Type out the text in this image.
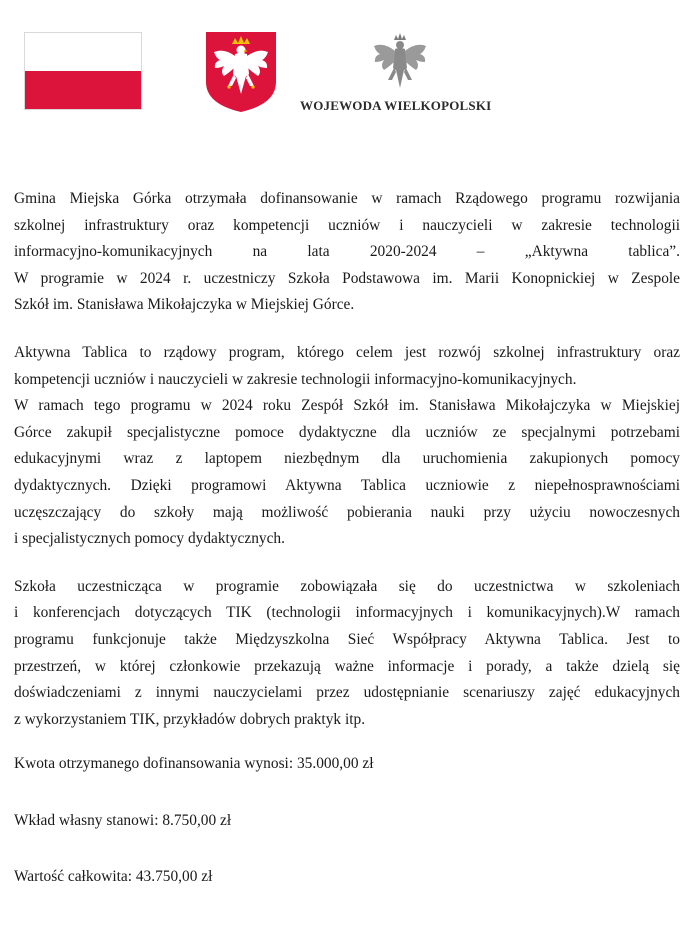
WOJEWODA WIELKOPOLSKI
Gmina Miejska Górka otrzymała dofinansowanie w ramach Rządowego programu rozwijania
szkolnej infrastruktury oraz kompetencji uczniów i nauczycieli w zakresie technologii
informacyjno-komunikacyjnych na lata 2020-2024 – „Aktywna tablica”.
W programie w 2024 r. uczestniczy Szkoła Podstawowa im. Marii Konopnickiej w Zespole
Szkół im. Stanisława Mikołajczyka w Miejskiej Górce.
Aktywna Tablica to rządowy program, którego celem jest rozwój szkolnej infrastruktury oraz
kompetencji uczniów i nauczycieli w zakresie technologii informacyjno-komunikacyjnych.
W ramach tego programu w 2024 roku Zespół Szkół im. Stanisława Mikołajczyka w Miejskiej
Górce zakupił specjalistyczne pomoce dydaktyczne dla uczniów ze specjalnymi potrzebami
edukacyjnymi wraz z laptopem niezbędnym dla uruchomienia zakupionych pomocy
dydaktycznych. Dzięki programowi Aktywna Tablica uczniowie z niepełnosprawnościami
uczęszczający do szkoły mają możliwość pobierania nauki przy użyciu nowoczesnych
i specjalistycznych pomocy dydaktycznych.
Szkoła uczestnicząca w programie zobowiązała się do uczestnictwa w szkoleniach
i konferencjach dotyczących TIK (technologii informacyjnych i komunikacyjnych).W ramach
programu funkcjonuje także Międzyszkolna Sieć Współpracy Aktywna Tablica. Jest to
przestrzeń, w której członkowie przekazują ważne informacje i porady, a także dzielą się
doświadczeniami z innymi nauczycielami przez udostępnianie scenariuszy zajęć edukacyjnych
z wykorzystaniem TIK, przykładów dobrych praktyk itp.

Kwota otrzymanego dofinansowania wynosi: 35.000,00 zł

Wkład własny stanowi: 8.750,00 zł

Wartość całkowita: 43.750,00 zł
